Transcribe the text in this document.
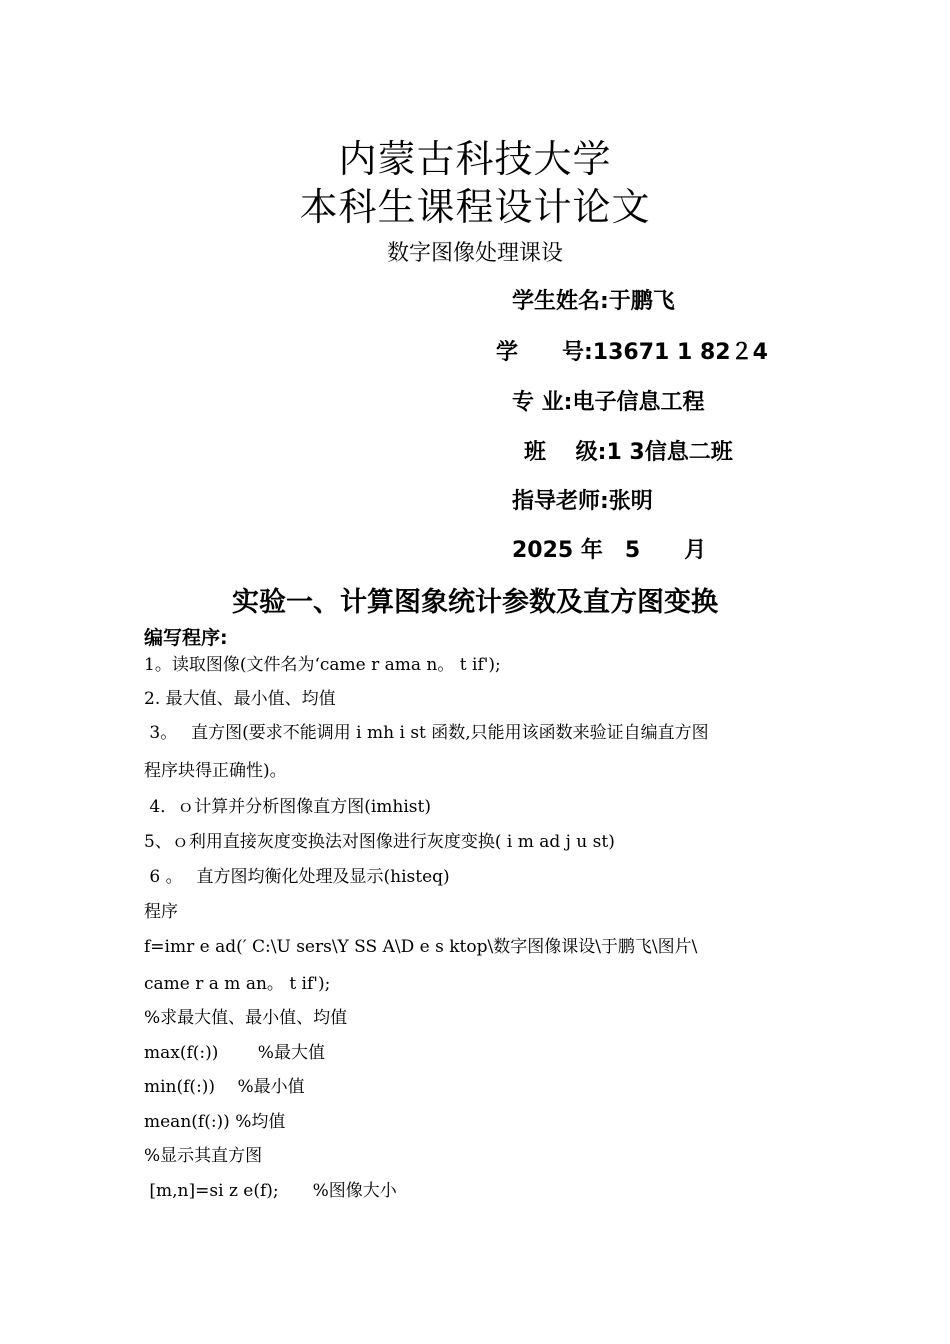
内蒙古科技大学
本科生课程设计论文
数字图像处理课设
学生姓名:于鹏飞
学　　号:13671 1 82２4
专 业:电子信息工程
班　 级:1 3信息二班
指导老师:张明
2025 年　5　　月
实验一、计算图象统计参数及直方图变换
编写程序:
1。读取图像(文件名为‘came r ama n。 t if');
2. 最大值、最小值、均值
3。　 直方图(要求不能调用 i mh i st 函数,只能用该函数来验证自编直方图
程序块得正确性)。
4．ｏ计算并分析图像直方图(imhist)
5、ｏ利用直接灰度变换法对图像进行灰度变换( i m ad j u st)
6 。　 直方图均衡化处理及显示(histeq)
程序
f=imr e ad(′ C:\U sers\Y SS A\D e s ktop\数字图像课设\于鹏飞\图片\
came r a m an。 t if');
%求最大值、最小值、均值
max(f(:))　　 %最大值
min(f(:))　 %最小值
mean(f(:)) %均值
%显示其直方图
[m,n]=si z e(f);　　%图像大小
